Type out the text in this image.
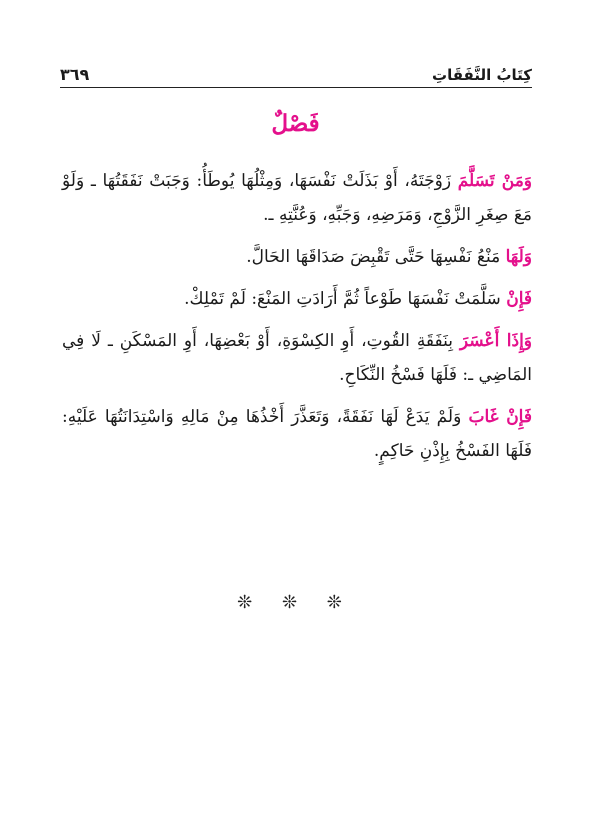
كِتَابُ النَّفَقَاتِ
٣٦٩
فَصْلٌ

وَمَنْ تَسَلَّمَ زَوْجَتَهُ، أَوْ بَذَلَتْ نَفْسَهَا، وَمِثْلُهَا يُوطَأُ: وَجَبَتْ نَفَقَتُهَا ـ وَلَوْ مَعَ صِغَرِ الزَّوْجِ، وَمَرَضِهِ، وَجَبِّهِ، وَعُنَّتِهِ ـ.

وَلَهَا مَنْعُ نَفْسِهَا حَتَّى تَقْبِضَ صَدَاقَهَا الحَالَّ.

فَإِنْ سَلَّمَتْ نَفْسَهَا طَوْعاً ثُمَّ أَرَادَتِ المَنْعَ: لَمْ تَمْلِكْ.

وَإِذَا أَعْسَرَ بِنَفَقَةِ القُوتِ، أَوِ الكِسْوَةِ، أَوْ بَعْضِهَا، أَوِ المَسْكَنِ ـ لَا فِي المَاضِي ـ: فَلَهَا فَسْخُ النِّكَاحِ.

فَإِنْ غَابَ وَلَمْ يَدَعْ لَهَا نَفَقَةً، وَتَعَذَّرَ أَخْذُهَا مِنْ مَالِهِ وَاسْتِدَانَتُهَا عَلَيْهِ: فَلَهَا الفَسْخُ بِإِذْنِ حَاكِمٍ.

❊ ❊ ❊
